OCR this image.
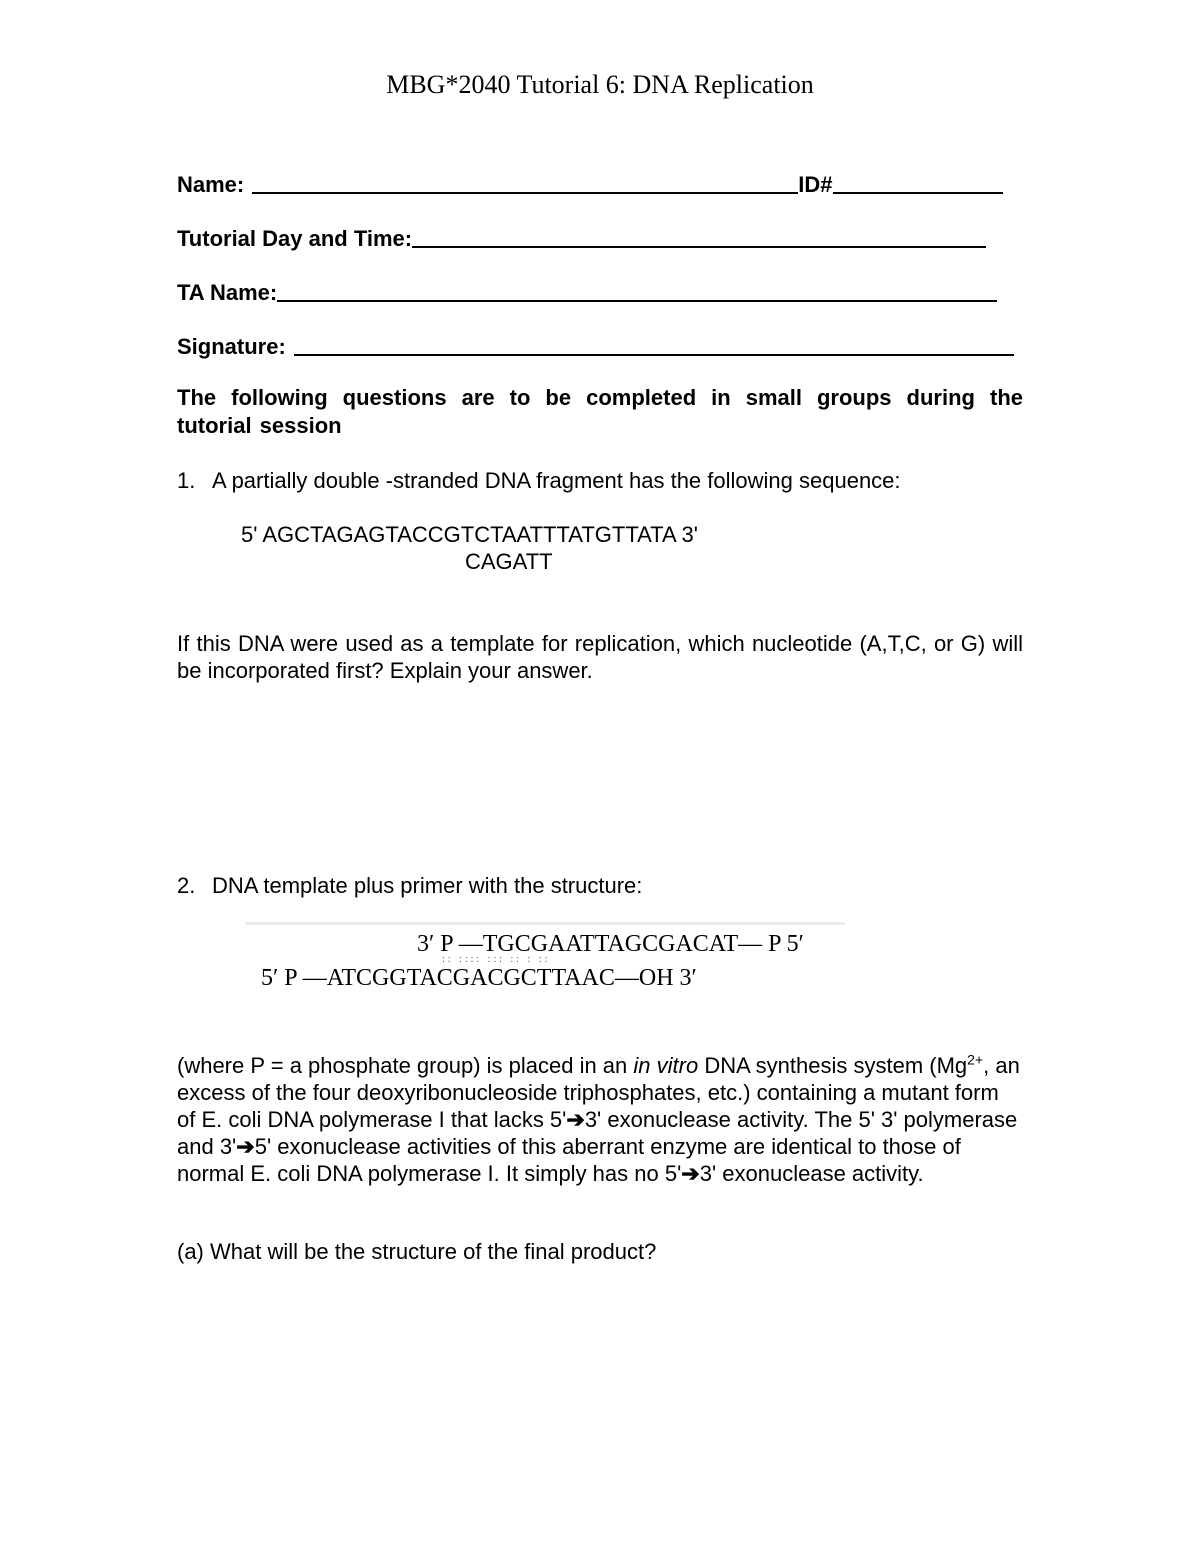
MBG*2040 Tutorial 6: DNA Replication
Name:	ID#
Tutorial Day and Time:
TA Name:
Signature:
The following questions are to be completed in small groups during the tutorial session
1. A partially double -stranded DNA fragment has the following sequence:
5' AGCTAGAGTACCGTCTAATTTATGTTATA 3'
CAGATT
If this DNA were used as a template for replication, which nucleotide (A,T,C, or G) will be incorporated first? Explain your answer.
2. DNA template plus primer with the structure:
3′ P —TGCGAATTAGCGACAT— P 5′
:: :::: ::: :: : ::
5′ P —ATCGGTACGACGCTTAAC—OH 3′
(where P = a phosphate group) is placed in an in vitro DNA synthesis system ($Mg^{2+}$, an excess of the four deoxyribonucleoside triphosphates, etc.) containing a mutant form of E. coli DNA polymerase I that lacks 5'➔3' exonuclease activity. The 5' 3' polymerase and 3'➔5' exonuclease activities of this aberrant enzyme are identical to those of normal E. coli DNA polymerase I. It simply has no 5'➔3' exonuclease activity.
(a) What will be the structure of the final product?
